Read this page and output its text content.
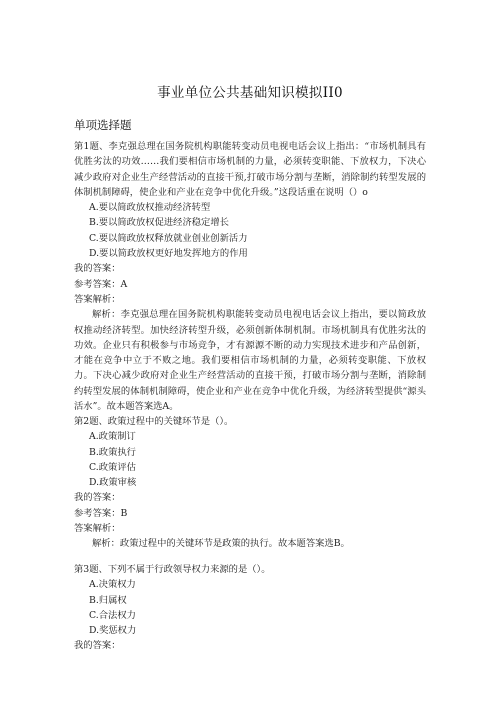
事业单位公共基础知识模拟II0
单项选择题
第1题、李克强总理在国务院机构职能转变动员电视电话会议上指出：“市场机制具有优胜劣汰的功效……我们要相信市场机制的力量，必须转变职能、下放权力，下决心减少政府对企业生产经营活动的直接干预,打破市场分割与垄断，消除制约转型发展的体制机制障碍，使企业和产业在竞争中优化升级。”这段话重在说明（）o
A.要以简政放权推动经济转型
B.要以简政放权促进经济稳定增长
C.要以简政放权释放就业创业创新活力
D.要以简政放权更好地发挥地方的作用
我的答案：
参考答案：A
答案解析：
解析：李克强总理在国务院机构职能转变动员电视电话会议上指出，要以简政放权推动经济转型。加快经济转型升级，必须创新体制机制。市场机制具有优胜劣汰的功效。企业只有积极参与市场竞争，才有源源不断的动力实现技术进步和产品创新，才能在竞争中立于不败之地。我们要相信市场机制的力量，必须转变职能、下放权力。下决心减少政府对企业生产经营活动的直接干预，打破市场分割与垄断，消除制约转型发展的体制机制障碍，使企业和产业在竞争中优化升级，为经济转型提供“源头活水”。故本题答案选A。
第2题、政策过程中的关键环节是（）。
A.政策制订
B.政策执行
C.政策评估
D.政策审核
我的答案：
参考答案：B
答案解析：
解析：政策过程中的关键环节是政策的执行。故本题答案选B。
第3题、下列不属于行政领导权力来源的是（）。
A.决策权力
B.归属权
C.合法权力
D.奖惩权力
我的答案：
